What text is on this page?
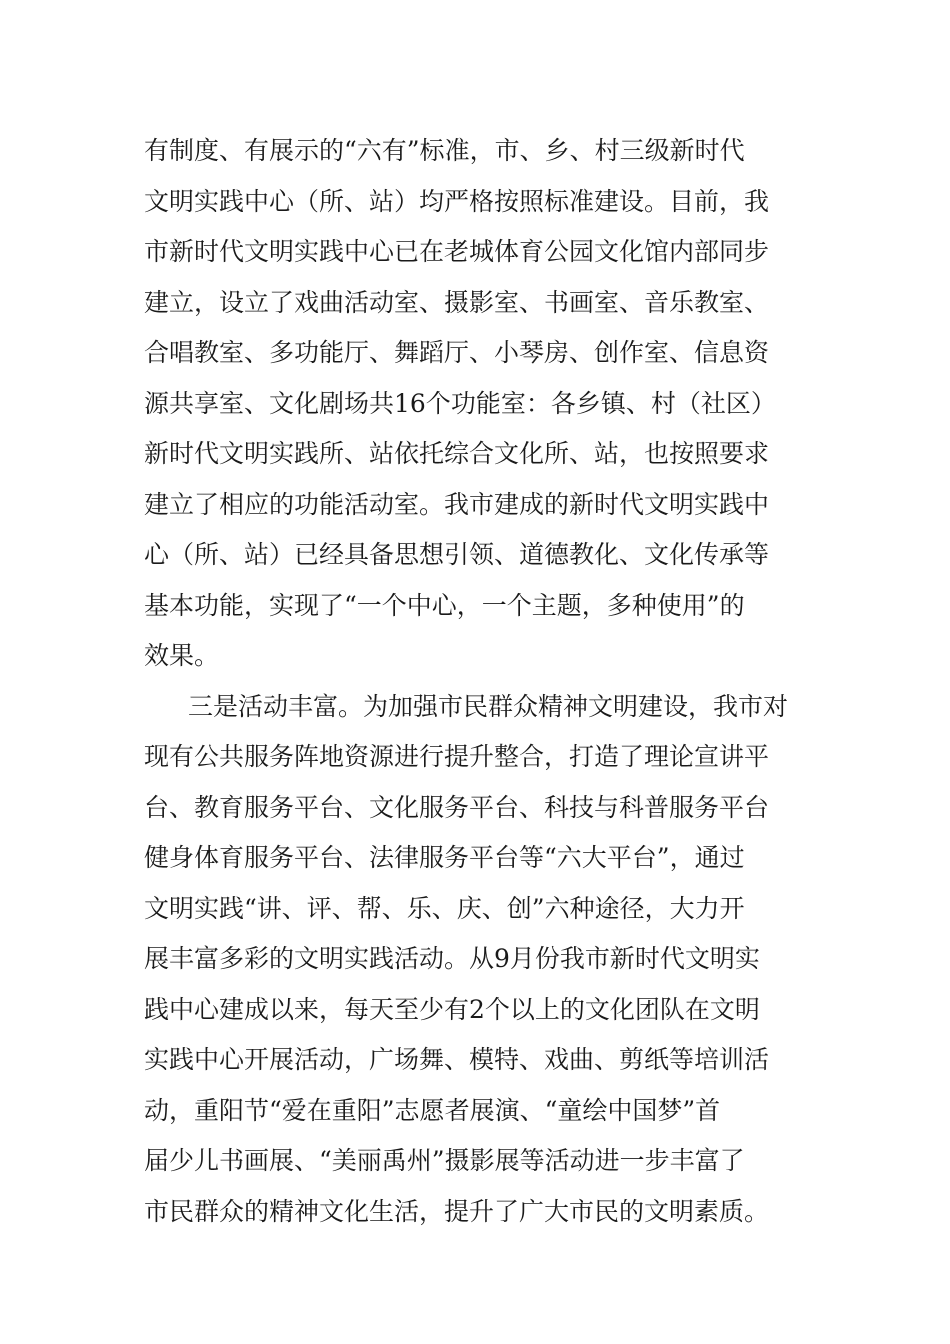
有制度、有展示的“六有”标准，市、乡、村三级新时代
文明实践中心（所、站）均严格按照标准建设。目前，我
市新时代文明实践中心已在老城体育公园文化馆内部同步
建立，设立了戏曲活动室、摄影室、书画室、音乐教室、
合唱教室、多功能厅、舞蹈厅、小琴房、创作室、信息资
源共享室、文化剧场共16个功能室：各乡镇、村（社区）
新时代文明实践所、站依托综合文化所、站，也按照要求
建立了相应的功能活动室。我市建成的新时代文明实践中
心（所、站）已经具备思想引领、道德教化、文化传承等
基本功能，实现了“一个中心，一个主题，多种使用”的
效果。
三是活动丰富。为加强市民群众精神文明建设，我市对
现有公共服务阵地资源进行提升整合，打造了理论宣讲平
台、教育服务平台、文化服务平台、科技与科普服务平台
健身体育服务平台、法律服务平台等“六大平台”，通过
文明实践“讲、评、帮、乐、庆、创”六种途径，大力开
展丰富多彩的文明实践活动。从9月份我市新时代文明实
践中心建成以来，每天至少有2个以上的文化团队在文明
实践中心开展活动，广场舞、模特、戏曲、剪纸等培训活
动，重阳节“爱在重阳”志愿者展演、“童绘中国梦”首
届少儿书画展、“美丽禹州”摄影展等活动进一步丰富了
市民群众的精神文化生活，提升了广大市民的文明素质。
